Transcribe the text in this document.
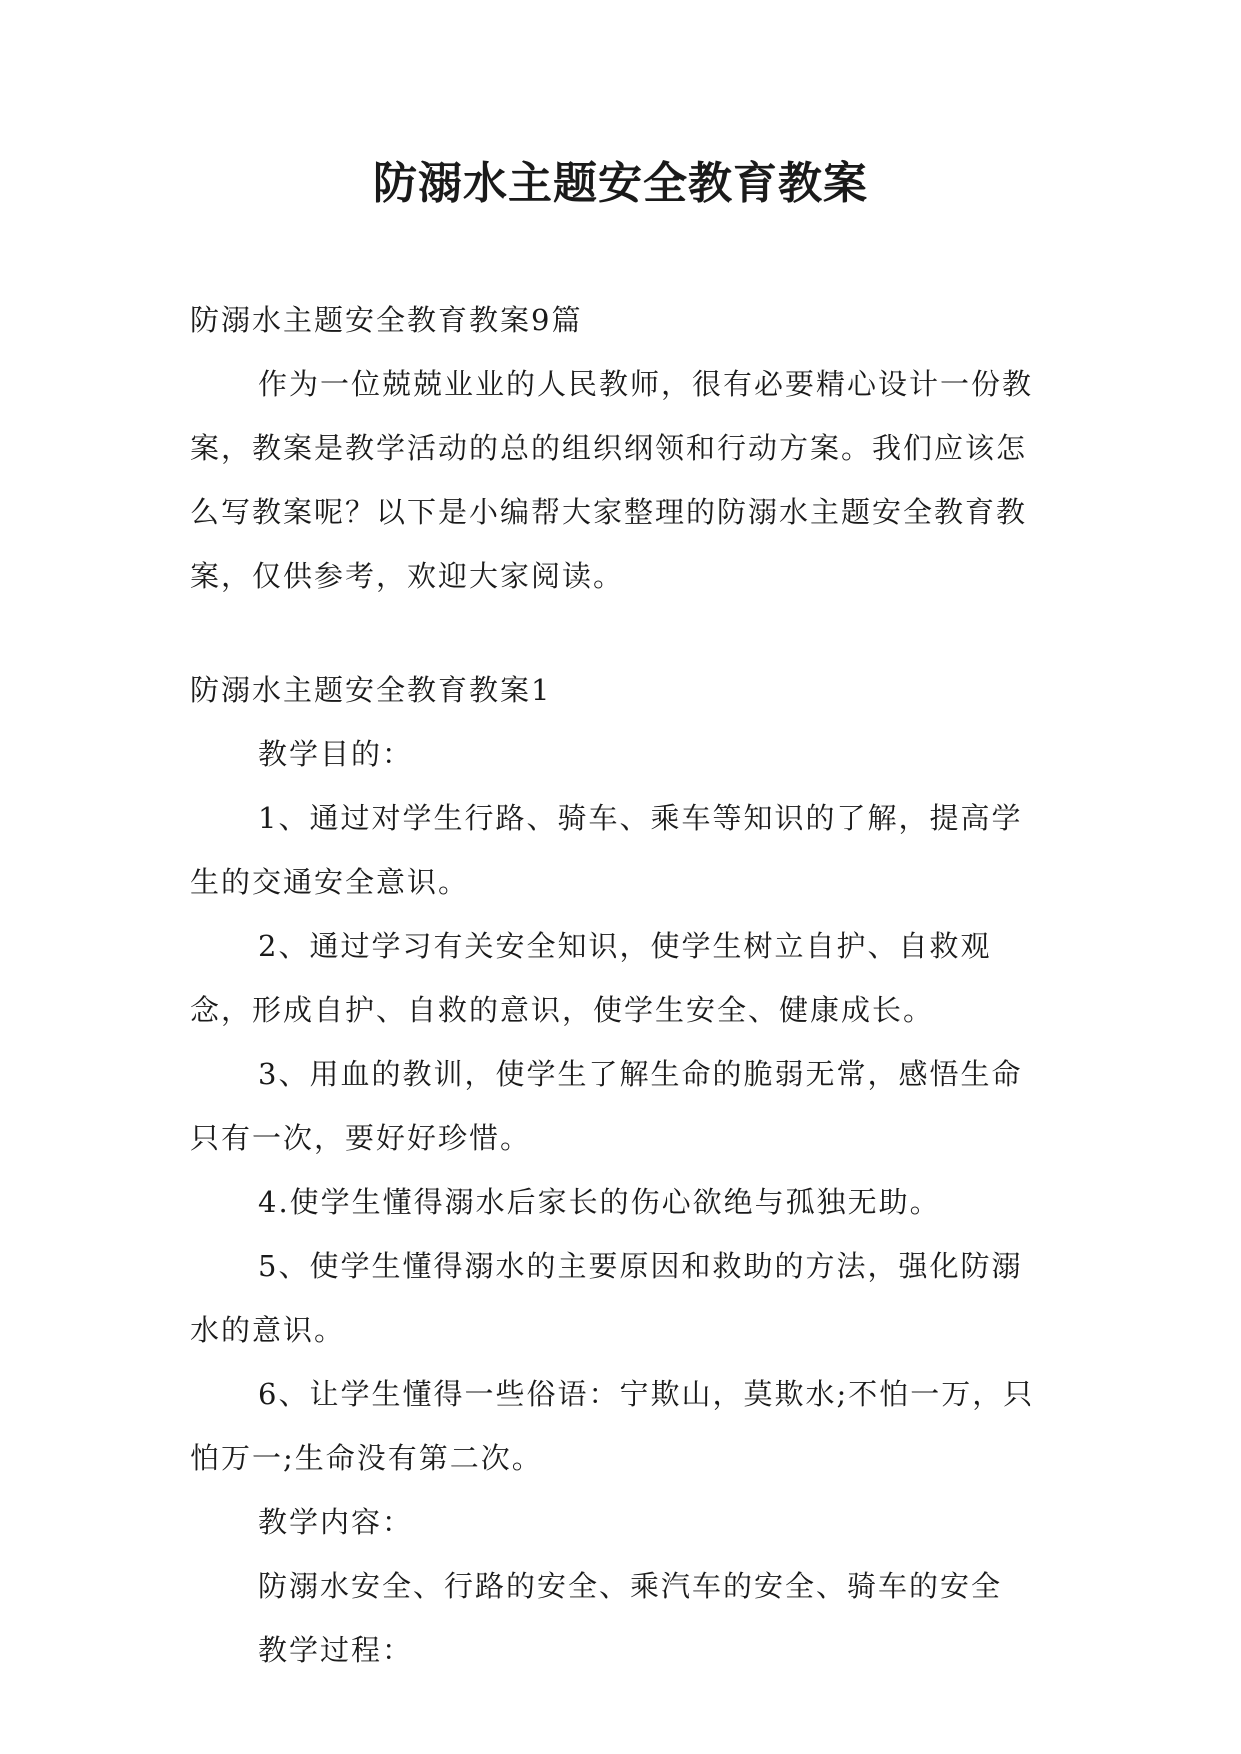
防溺水主题安全教育教案

防溺水主题安全教育教案9篇

作为一位兢兢业业的人民教师，很有必要精心设计一份教案，教案是教学活动的总的组织纲领和行动方案。我们应该怎么写教案呢？以下是小编帮大家整理的防溺水主题安全教育教案，仅供参考，欢迎大家阅读。

防溺水主题安全教育教案1

教学目的：

1、通过对学生行路、骑车、乘车等知识的了解，提高学生的交通安全意识。

2、通过学习有关安全知识，使学生树立自护、自救观念，形成自护、自救的意识，使学生安全、健康成长。

3、用血的教训，使学生了解生命的脆弱无常，感悟生命只有一次，要好好珍惜。

4.使学生懂得溺水后家长的伤心欲绝与孤独无助。

5、使学生懂得溺水的主要原因和救助的方法，强化防溺水的意识。

6、让学生懂得一些俗语：宁欺山，莫欺水;不怕一万，只怕万一;生命没有第二次。

教学内容：

防溺水安全、行路的安全、乘汽车的安全、骑车的安全

教学过程：
